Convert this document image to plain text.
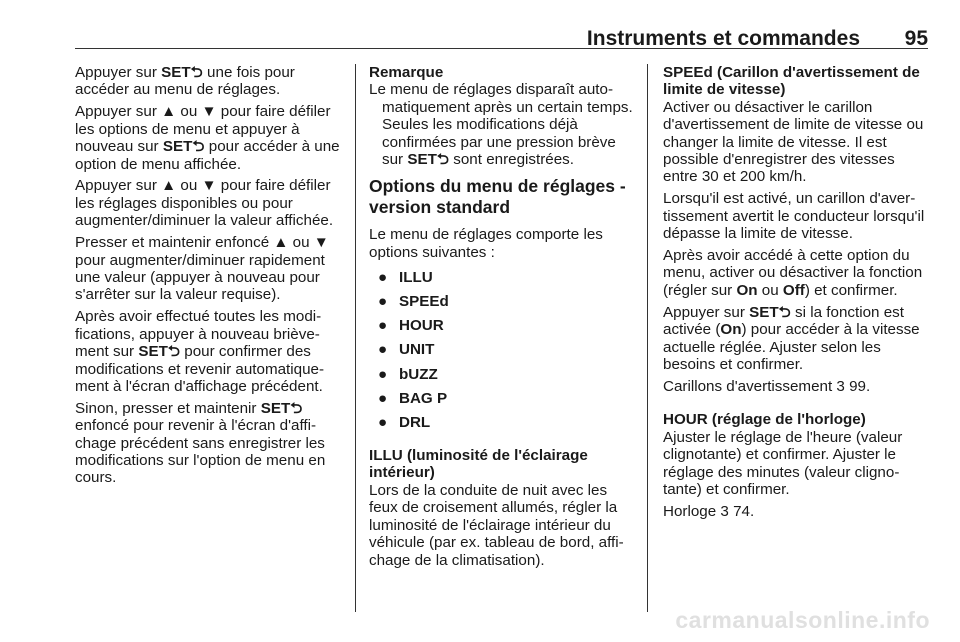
Instruments et commandes 95

Appuyer sur SET⮌ une fois pour accéder au menu de réglages.

Appuyer sur ▲ ou ▼ pour faire défiler les options de menu et appuyer à nouveau sur SET⮌ pour accéder à une option de menu affichée.

Appuyer sur ▲ ou ▼ pour faire défiler les réglages disponibles ou pour augmenter/diminuer la valeur affichée.

Presser et maintenir enfoncé ▲ ou ▼ pour augmenter/diminuer rapidement une valeur (appuyer à nouveau pour s'arrêter sur la valeur requise).

Après avoir effectué toutes les modifications, appuyer à nouveau brièvement sur SET⮌ pour confirmer des modifications et revenir automatiquement à l'écran d'affichage précédent.

Sinon, presser et maintenir SET⮌ enfoncé pour revenir à l'écran d'affichage précédent sans enregistrer les modifications sur l'option de menu en cours.

Remarque

Le menu de réglages disparaît automatiquement après un certain temps. Seules les modifications déjà confirmées par une pression brève sur SET⮌ sont enregistrées.

Options du menu de réglages - version standard

Le menu de réglages comporte les options suivantes :

● ILLU
● SPEEd
● HOUR
● UNIT
● bUZZ
● BAG P
● DRL
ILLU (luminosité de l'éclairage intérieur)

Lors de la conduite de nuit avec les feux de croisement allumés, régler la luminosité de l'éclairage intérieur du véhicule (par ex. tableau de bord, affichage de la climatisation).

SPEEd (Carillon d'avertissement de limite de vitesse)

Activer ou désactiver le carillon d'avertissement de limite de vitesse ou changer la limite de vitesse. Il est possible d'enregistrer des vitesses entre 30 et 200 km/h.

Lorsqu'il est activé, un carillon d'avertissement avertit le conducteur lorsqu'il dépasse la limite de vitesse.

Après avoir accédé à cette option du menu, activer ou désactiver la fonction (régler sur On ou Off) et confirmer.

Appuyer sur SET⮌ si la fonction est activée (On) pour accéder à la vitesse actuelle réglée. Ajuster selon les besoins et confirmer.

Carillons d'avertissement 3 99.

HOUR (réglage de l'horloge)

Ajuster le réglage de l'heure (valeur clignotante) et confirmer. Ajuster le réglage des minutes (valeur clignotante) et confirmer.

Horloge 3 74.

carmanualsonline.info
